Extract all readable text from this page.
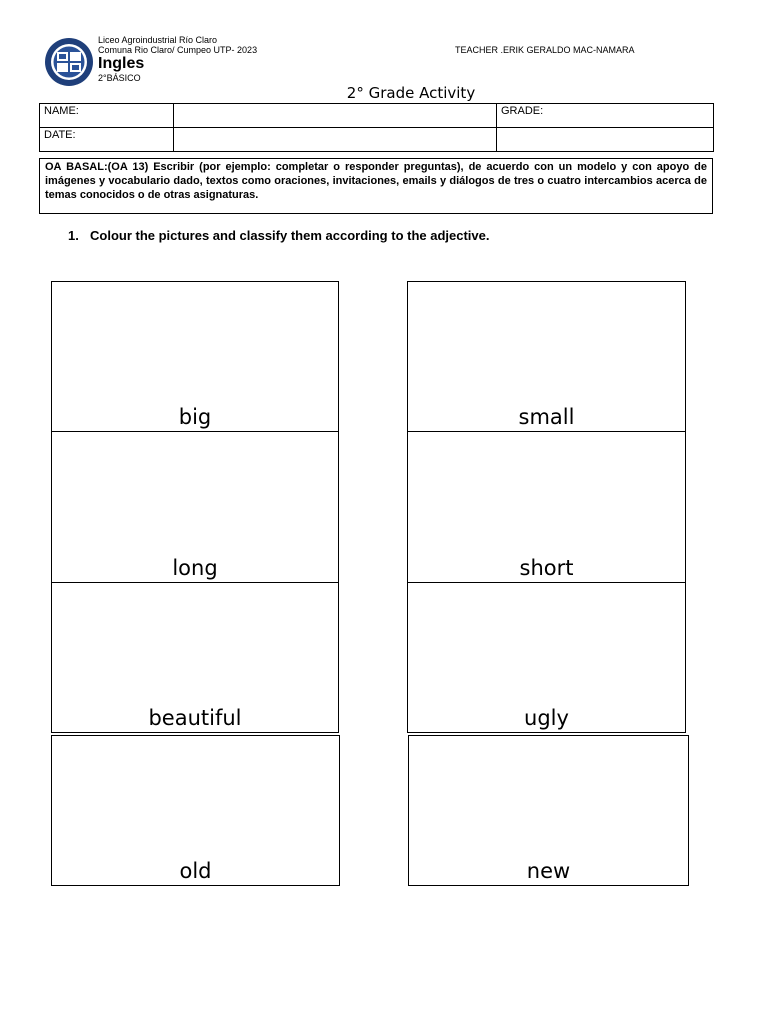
Liceo Agroindustrial Río Claro
Comuna Rio Claro/ Cumpeo UTP- 2023
Ingles
2°BÁSICO
TEACHER .ERIK GERALDO MAC-NAMARA
2° Grade Activity
NAME:		GRADE:
DATE:		
OA BASAL:(OA 13) Escribir (por ejemplo: completar o responder preguntas), de acuerdo con un modelo y con apoyo de imágenes y vocabulario dado, textos como oraciones, invitaciones, emails y diálogos de tres o cuatro intercambios acerca de temas conocidos o de otras asignaturas.
1. Colour the pictures and classify them according to the adjective.
big
long
beautiful
old
small
short
ugly
new
